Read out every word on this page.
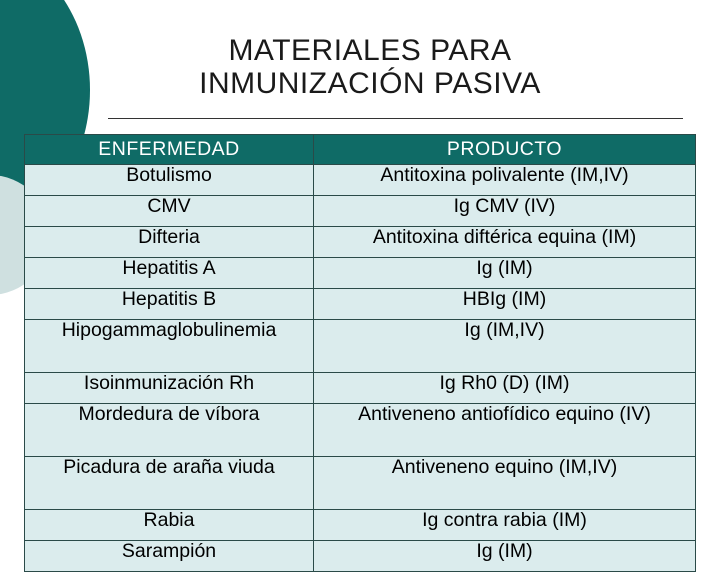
MATERIALES PARA
INMUNIZACIÓN PASIVA
ENFERMEDAD	PRODUCTO
Botulismo	Antitoxina polivalente (IM,IV)
CMV	Ig CMV (IV)
Difteria	Antitoxina diftérica equina (IM)
Hepatitis A	Ig (IM)
Hepatitis B	HBIg (IM)
Hipogammaglobulinemia	Ig (IM,IV)
Isoinmunización Rh	Ig Rh0 (D) (IM)
Mordedura de víbora	Antiveneno antiofídico equino (IV)
Picadura de araña viuda	Antiveneno equino (IM,IV)
Rabia	Ig contra rabia (IM)
Sarampión	Ig (IM)
